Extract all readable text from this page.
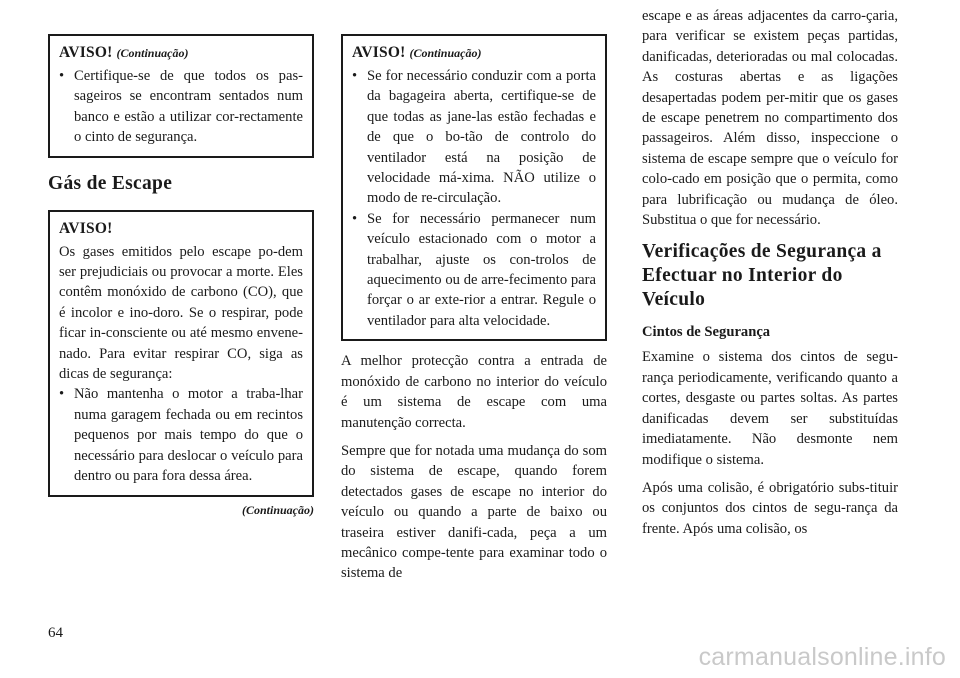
AVISO! (Continuação)
• Certifique-se de que todos os pas-sageiros se encontram sentados num banco e estão a utilizar cor-rectamente o cinto de segurança.
Gás de Escape
AVISO!

Os gases emitidos pelo escape po-dem ser prejudiciais ou provocar a morte. Eles contêm monóxido de carbono (CO), que é incolor e ino-doro. Se o respirar, pode ficar in-consciente ou até mesmo envene-nado. Para evitar respirar CO, siga as dicas de segurança:

• Não mantenha o motor a traba-lhar numa garagem fechada ou em recintos pequenos por mais tempo do que o necessário para deslocar o veículo para dentro ou para fora dessa área.
(Continuação)
AVISO! (Continuação)
• Se for necessário conduzir com a porta da bagageira aberta, certifique-se de que todas as jane-las estão fechadas e de que o bo-tão de controlo do ventilador está na posição de velocidade má-xima. NÃO utilize o modo de re-circulação.
• Se for necessário permanecer num veículo estacionado com o motor a trabalhar, ajuste os con-trolos de aquecimento ou de arre-fecimento para forçar o ar exte-rior a entrar. Regule o ventilador para alta velocidade.

A melhor protecção contra a entrada de monóxido de carbono no interior do veículo é um sistema de escape com uma manutenção correcta.

Sempre que for notada uma mudança do som do sistema de escape, quando forem detectados gases de escape no interior do veículo ou quando a parte de baixo ou traseira estiver danifi-cada, peça a um mecânico compe-tente para examinar todo o sistema de

escape e as áreas adjacentes da carro-çaria, para verificar se existem peças partidas, danificadas, deterioradas ou mal colocadas. As costuras abertas e as ligações desapertadas podem per-mitir que os gases de escape penetrem no compartimento dos passageiros. Além disso, inspeccione o sistema de escape sempre que o veículo for colo-cado em posição que o permita, como para lubrificação ou mudança de óleo. Substitua o que for necessário.

Verificações de Segurança a Efectuar no Interior do Veículo
Cintos de Segurança

Examine o sistema dos cintos de segu-rança periodicamente, verificando quanto a cortes, desgaste ou partes soltas. As partes danificadas devem ser substituídas imediatamente. Não desmonte nem modifique o sistema.

Após uma colisão, é obrigatório subs-tituir os conjuntos dos cintos de segu-rança da frente. Após uma colisão, os

64
carmanualsonline.info
